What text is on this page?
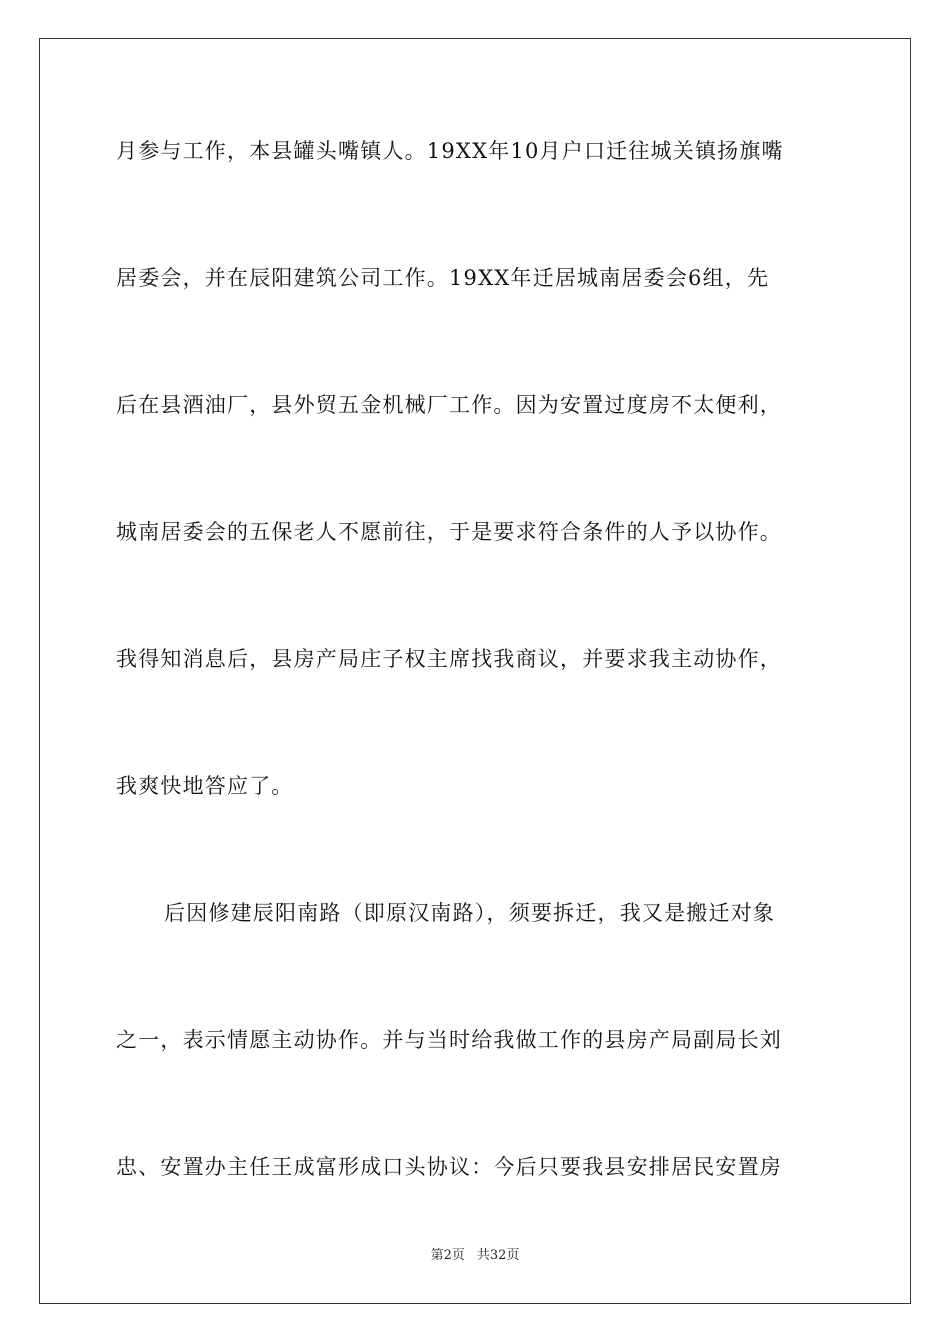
月参与工作，本县罐头嘴镇人。19XX年10月户口迁往城关镇扬旗嘴
居委会，并在辰阳建筑公司工作。19XX年迁居城南居委会6组，先
后在县酒油厂，县外贸五金机械厂工作。因为安置过度房不太便利，
城南居委会的五保老人不愿前往，于是要求符合条件的人予以协作。
我得知消息后，县房产局庄子权主席找我商议，并要求我主动协作，
我爽快地答应了。
后因修建辰阳南路（即原汉南路），须要拆迁，我又是搬迁对象
之一，表示情愿主动协作。并与当时给我做工作的县房产局副局长刘
忠、安置办主任王成富形成口头协议：今后只要我县安排居民安置房
第2页 共32页
